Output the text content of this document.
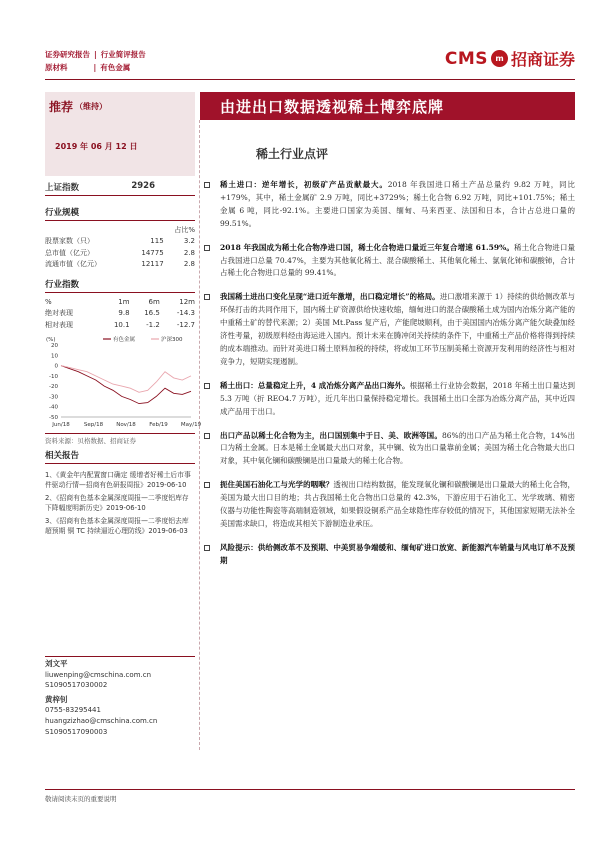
证券研究报告 | 行业简评报告
原材料	| 有色金属	CMS m 招商证券
推荐 （维持）	由进出口数据透视稀土博弈底牌
2019 年 06 月 12 日
稀土行业点评
上证指数	2926
行业规模
		占比%
股票家数（只）	115	3.2
总市值（亿元）	14775	2.8
流通市值（亿元）	12117	2.8
行业指数
%	1m	6m	12m
绝对表现	9.8	16.5	-14.3
相对表现	10.1	-1.2	-12.7
(%)
20
10
0
-10
-20
-30
-40
-50
Jun/18	Sep/18 Nov/18 Feb/19 May/19
有色金属	沪深300
资料来源：贝格数据、招商证券
相关报告
1、《黄金年内配置窗口确定 缓增者好稀土后市事件驱动行情—招商有色研报周报》2019-06-10
2、《招商有色基本金属深度周报—二季度铝库存下降幅度明新历史》2019-06-10
3、《招商有色基本金属深度周报—二季度铝去库超预期 铜 TC 持续逼近心理防线》2019-06-03
刘文平
liuwenping@cmschina.com.cn
S1090517030002
黄梓钊
0755-83295441
huangzizhao@cmschina.com.cn
S1090517090003
稀土进口：逆年增长，初级矿产品贡献最大。2018 年我国进口稀土产品总量约 9.82 万吨，同比+179%，其中，稀土金属矿 2.9 万吨，同比+3729%；稀土化合物 6.92 万吨，同比+101.75%；稀土金属 6 吨，同比-92.1%。主要进口国家为美国、缅甸、马来西亚、法国和日本，合计占总进口量的 99.51%。
2018 年我国成为稀土化合物净进口国，稀土化合物进口量近三年复合增速 61.59%。稀土化合物进口量占我国进口总量 70.47%，主要为其他氧化稀土、混合碳酸稀土、其他氧化稀土、氯氧化铈和碳酸铈，合计占稀土化合物进口总量的 99.41%。
我国稀土进出口变化呈现“进口近年激增，出口稳定增长”的格局。进口激增来源于 1）持续的供给侧改革与环保打击的共同作用下，国内稀土矿资源供给快速收缩，缅甸进口的混合碳酸稀土成为国内冶炼分离产能的中重稀土矿的替代来源；2）美国 Mt.Pass 复产后，产能爬坡顺利，由于美国国内冶炼分离产能欠缺叠加经济性考量，初级原料经由海运进入国内。预计未来在腾冲闭关持续的条件下，中重稀土产品价格将得到持续的成本端推动。而针对美进口稀土原料加税的持续，将或加工环节压制美稀土资源开发利用的经济性与相对竞争力，短期实现遏制。
稀土出口：总量稳定上升，4 成冶炼分离产品出口海外。根据稀土行业协会数据，2018 年稀土出口量达到 5.3 万吨（折 REO4.7 万吨），近几年出口量保持稳定增长。我国稀土出口全部为冶炼分离产品，其中近四成产品用于出口。
出口产品以稀土化合物为主，出口国别集中于日、美、欧洲等国。86%的出口产品为稀土化合物，14%出口为稀土金属。日本是稀土金属最大出口对象，其中镧、钕为出口量靠前金属；美国为稀土化合物最大出口对象，其中氧化镧和碳酸镧是出口量最大的稀土化合物。
扼住美国石油化工与光学的咽喉？透视出口结构数据，能发现氧化镧和碳酸镧是出口量最大的稀土化合物，美国为最大出口目的地；共占我国稀土化合物出口总量的 42.3%，下游应用于石油化工、光学玻璃、精密仪器与功能性陶瓷等高端制造领域，如果假设铜系产品全球隐性库存较低的情况下，其他国家短期无法补全美国需求缺口，将造成其相关下游制造业承压。
风险提示：供给侧改革不及预期、中美贸易争端缓和、缅甸矿进口放宽、新能源汽车销量与风电订单不及预期
敬请阅读末页的重要说明
